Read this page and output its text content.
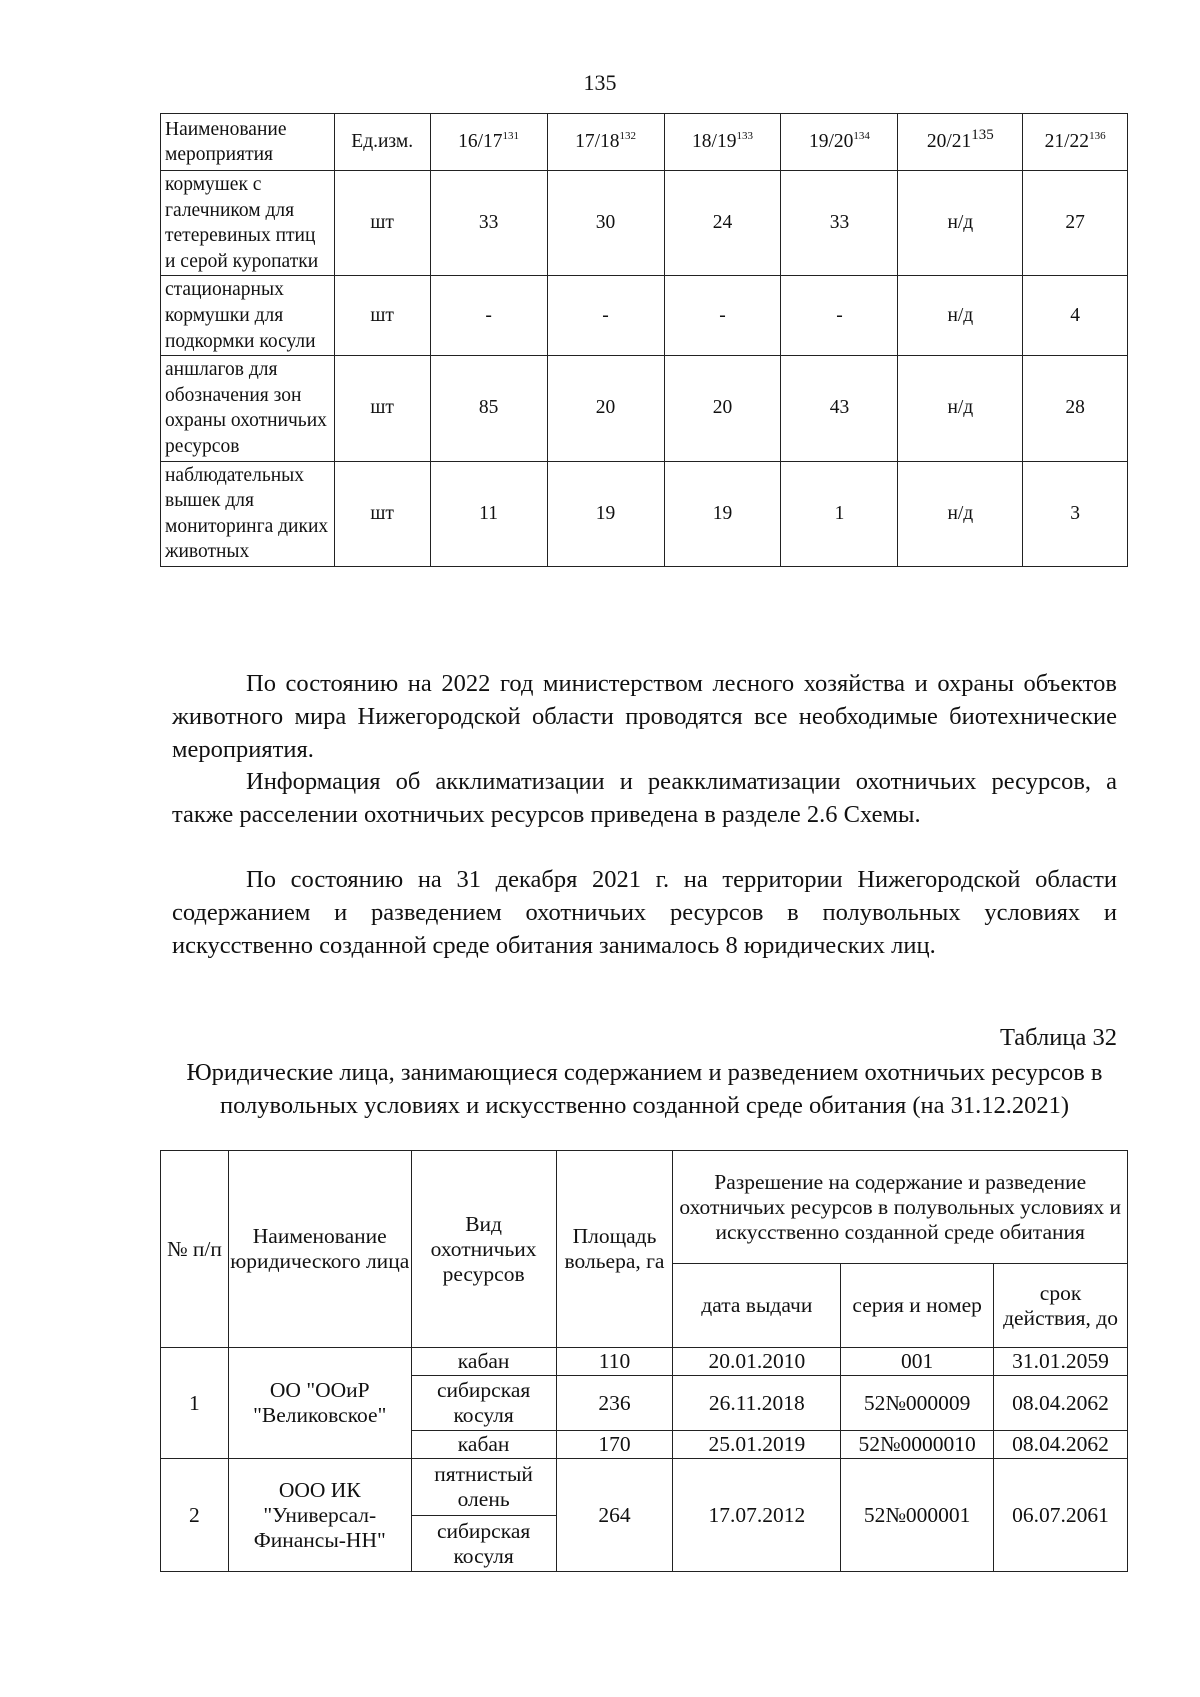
135
Наименование мероприятия	Ед.изм.	$16/17^{131}$	$17/18^{132}$	$18/19^{133}$	$19/20^{134}$	$20/21^{135}$	$21/22^{136}$
кормушек с галечником для тетеревиных птиц и серой куропатки	шт	33	30	24	33	н/д	27
стационарных кормушки для подкормки косули	шт	-	-	-	-	н/д	4
аншлагов для обозначения зон охраны охотничьих ресурсов	шт	85	20	20	43	н/д	28
наблюдательных вышек для мониторинга диких животных	шт	11	19	19	1	н/д	3

По состоянию на 2022 год министерством лесного хозяйства и охраны объектов животного мира Нижегородской области проводятся все необходимые биотехнические мероприятия.

Информация об акклиматизации и реакклиматизации охотничьих ресурсов, а также расселении охотничьих ресурсов приведена в разделе 2.6 Схемы.

По состоянию на 31 декабря 2021 г. на территории Нижегородской области содержанием и разведением охотничьих ресурсов в полувольных условиях и искусственно созданной среде обитания занималось 8 юридических лиц.

Таблица 32

Юридические лица, занимающиеся содержанием и разведением охотничьих ресурсов в полувольных условиях и искусственно созданной среде обитания (на 31.12.2021)

№ п/п	Наименование юридического лица	Вид охотничьих ресурсов	Площадь вольера, га	Разрешение на содержание и разведение охотничьих ресурсов в полувольных условиях и искусственно созданной среде обитания		
				дата выдачи	серия и номер	срок действия, до
1	ОО "ООиР "Великовское"	кабан	110	20.01.2010	001	31.01.2059
		сибирская косуля	236	26.11.2018	52№000009	08.04.2062
		кабан	170	25.01.2019	52№0000010	08.04.2062
2	ООО ИК "Универсал-Финансы-НН"	пятнистый олень	264	17.07.2012	52№000001	06.07.2061
		сибирская косуля				
